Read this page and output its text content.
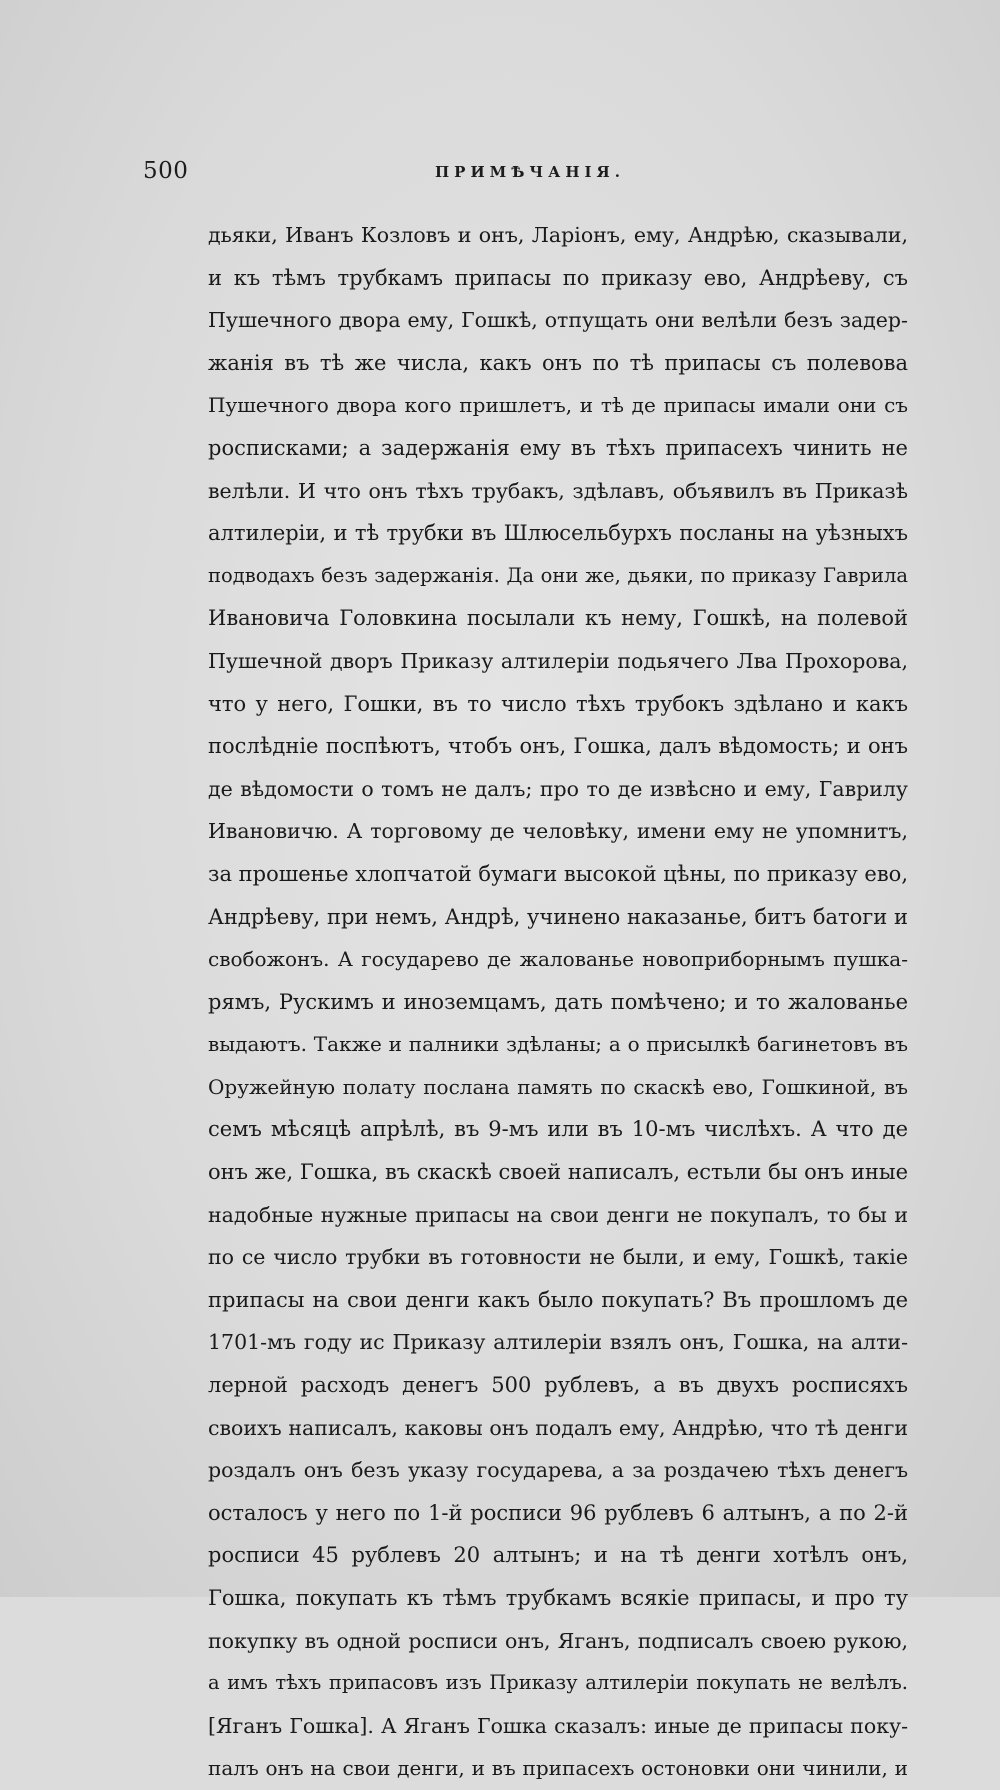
500	ПРИМѢЧАНІЯ.
дьяки, Иванъ Козловъ и онъ, Ларіонъ, ему, Андрѣю, сказывали,
и къ тѣмъ трубкамъ припасы по приказу ево, Андрѣеву, съ
Пушечного двора ему, Гошкѣ, отпущать они велѣли безъ задер-
жанія въ тѣ же числа, какъ онъ по тѣ припасы съ полевова
Пушечного двора кого пришлетъ, и тѣ де припасы имали они съ
росписками; а задержанія ему въ тѣхъ припасехъ чинить не
велѣли. И что онъ тѣхъ трубакъ, здѣлавъ, объявилъ въ Приказѣ
алтилеріи, и тѣ трубки въ Шлюсельбурхъ посланы на уѣзныхъ
подводахъ безъ задержанія. Да они же, дьяки, по приказу Гаврила
Ивановича Головкина посылали къ нему, Гошкѣ, на полевой
Пушечной дворъ Приказу алтилеріи подьячего Лва Прохорова,
что у него, Гошки, въ то число тѣхъ трубокъ здѣлано и какъ
послѣдніе поспѣютъ, чтобъ онъ, Гошка, далъ вѣдомость; и онъ
де вѣдомости о томъ не далъ; про то де извѣсно и ему, Гаврилу
Ивановичю. А торговому де человѣку, имени ему не упомнитъ,
за прошенье хлопчатой бумаги высокой цѣны, по приказу ево,
Андрѣеву, при немъ, Андрѣ, учинено наказанье, битъ батоги и
свобожонъ. А государево де жалованье новоприборнымъ пушка-
рямъ, Рускимъ и иноземцамъ, дать помѣчено; и то жалованье
выдаютъ. Также и палники здѣланы; а о присылкѣ багинетовъ въ
Оружейную полату послана память по скаскѣ ево, Гошкиной, въ
семъ мѣсяцѣ апрѣлѣ, въ 9-мъ или въ 10-мъ числѣхъ. А что де
онъ же, Гошка, въ скаскѣ своей написалъ, естьли бы онъ иные
надобные нужные припасы на свои денги не покупалъ, то бы и
по се число трубки въ готовности не были, и ему, Гошкѣ, такіе
припасы на свои денги какъ было покупать? Въ прошломъ де
1701-мъ году ис Приказу алтилеріи взялъ онъ, Гошка, на алти-
лерной расходъ денегъ 500 рублевъ, а въ двухъ росписяхъ
своихъ написалъ, каковы онъ подалъ ему, Андрѣю, что тѣ денги
роздалъ онъ безъ указу государева, а за роздачею тѣхъ денегъ
осталосъ у него по 1-й росписи 96 рублевъ 6 алтынъ, а по 2-й
росписи 45 рублевъ 20 алтынъ; и на тѣ денги хотѣлъ онъ,
Гошка, покупать къ тѣмъ трубкамъ всякіе припасы, и про ту
покупку въ одной росписи онъ, Яганъ, подписалъ своею рукою,
а имъ тѣхъ припасовъ изъ Приказу алтилеріи покупать не велѣлъ.
[Яганъ Гошка]. А Яганъ Гошка сказалъ: иные де припасы поку-
палъ онъ на свои денги, и въ припасехъ остоновки они чинили, и
